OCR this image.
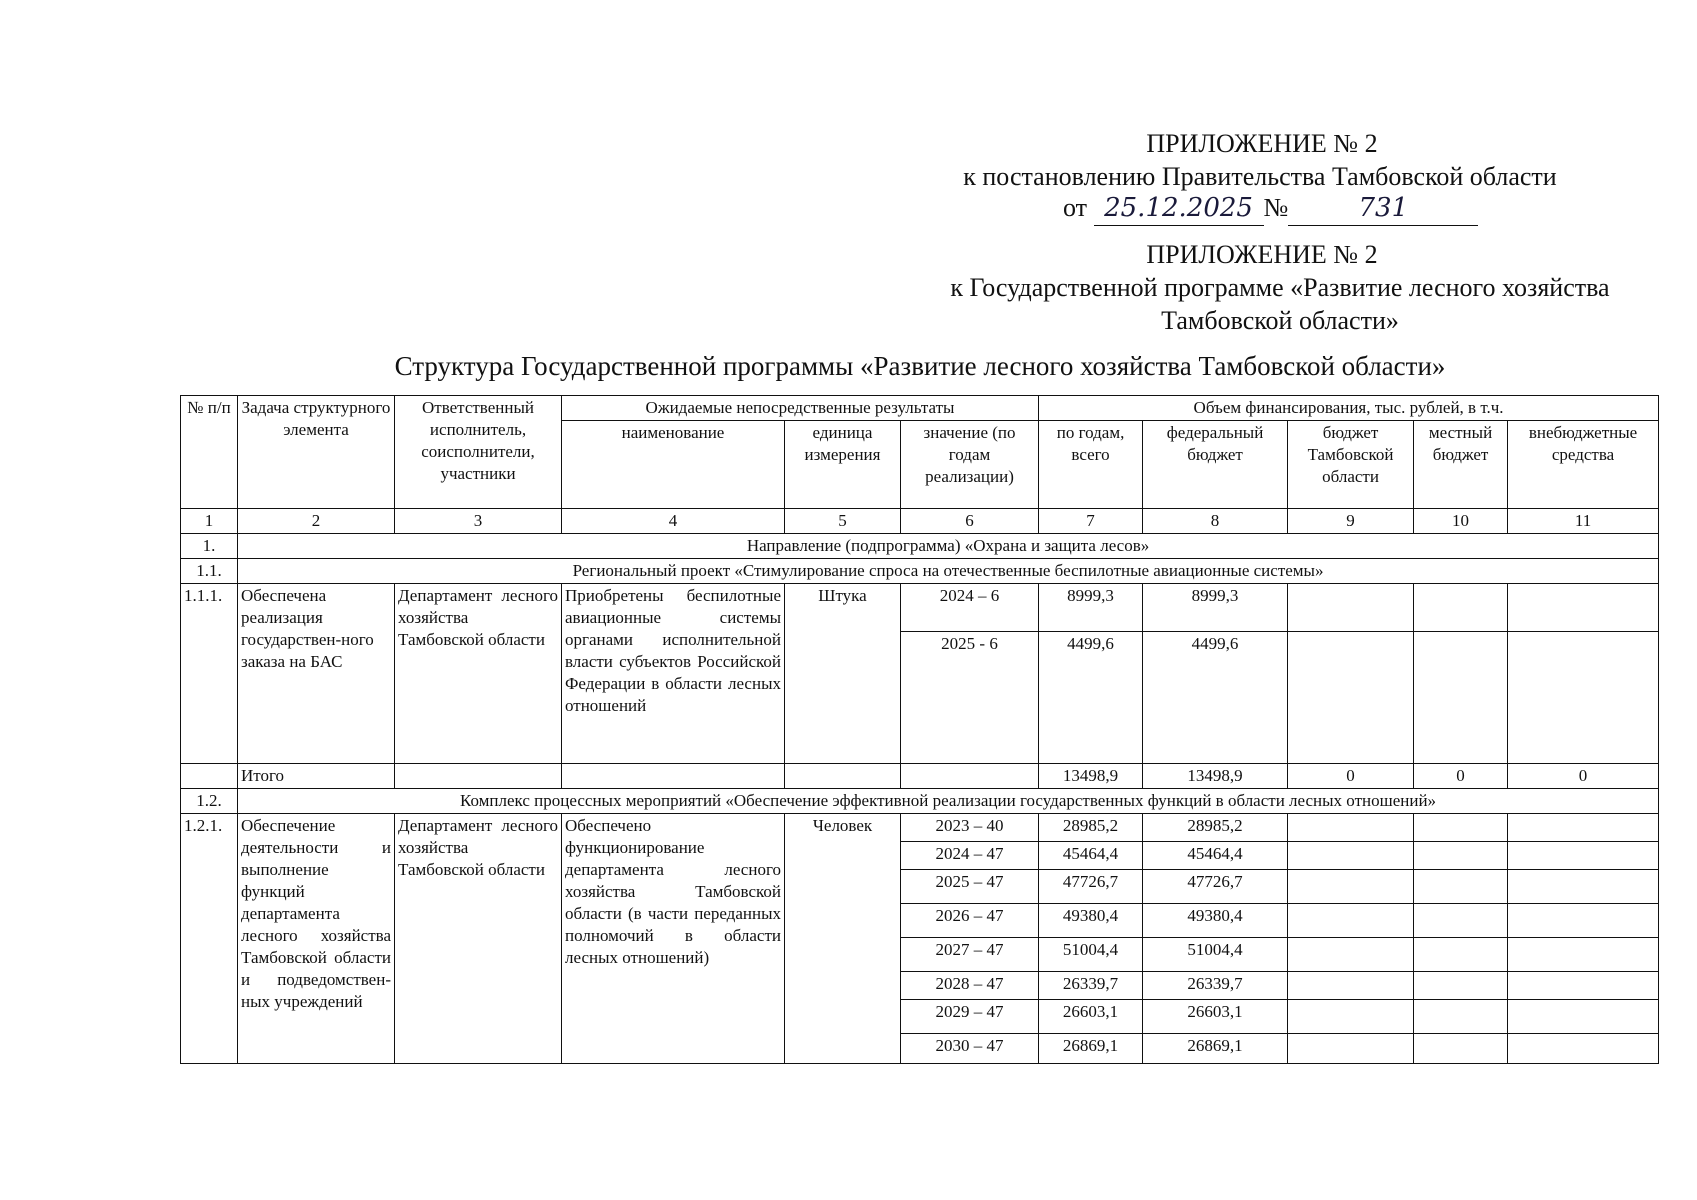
ПРИЛОЖЕНИЕ № 2
к постановлению Правительства Тамбовской области
от 25.12.2025 №	731
ПРИЛОЖЕНИЕ № 2
к Государственной программе «Развитие лесного хозяйства
Тамбовской области»
Структура Государственной программы «Развитие лесного хозяйства Тамбовской области»
№ п/п	Задача структурного элемента	Ответственный исполнитель, соисполнители, участники	Ожидаемые непосредственные результаты			Объем финансирования, тыс. рублей, в т.ч.				
			наименование	единица измерения	значение (по годам реализации)	по годам, всего	федеральный бюджет	бюджет Тамбовской области	местный бюджет	внебюджетные средства
1	2	3	4	5	6	7	8	9	10	11
1.	Направление (подпрограмма) «Охрана и защита лесов»									
1.1.	Региональный проект «Стимулирование спроса на отечественные беспилотные авиационные системы»									
1.1.1.	Обеспечена реализация государствен-ного заказа на БАС	Департамент лесного хозяйства Тамбовской области	Приобретены беспилотные авиационные системы органами исполнительной власти субъектов Российской Федерации в области лесных отношений	Штука	2024 – 6	8999,3	8999,3			
					2025 - 6	4499,6	4499,6			
	Итого					13498,9	13498,9	0	0	0
1.2.	Комплекс процессных мероприятий «Обеспечение эффективной реализации государственных функций в области лесных отношений»									
1.2.1.	Обеспечение деятельности и выполнение функций департамента лесного хозяйства Тамбовской области и подведомствен-ных учреждений	Департамент лесного хозяйства Тамбовской области	Обеспечено функционирование департамента лесного хозяйства Тамбовской области (в части переданных полномочий в области лесных отношений)	Человек	2023 – 40	28985,2	28985,2			
					2024 – 47	45464,4	45464,4			
					2025 – 47	47726,7	47726,7			
					2026 – 47	49380,4	49380,4			
					2027 – 47	51004,4	51004,4			
					2028 – 47	26339,7	26339,7			
					2029 – 47	26603,1	26603,1			
					2030 – 47	26869,1	26869,1			
